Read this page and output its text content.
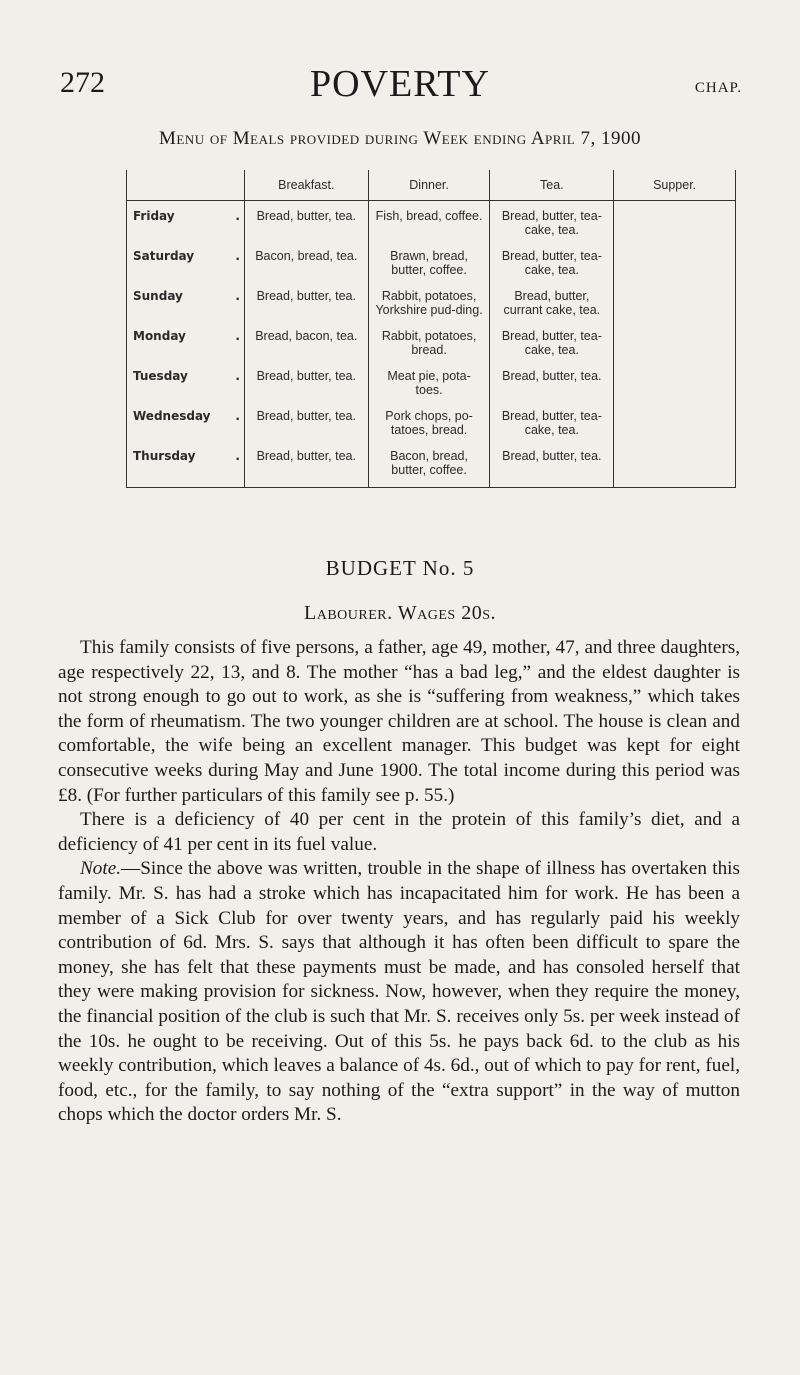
272	POVERTY	CHAP.
Menu of Meals provided during Week ending April 7, 1900
	Breakfast.	Dinner.	Tea.	Supper.
Friday .	Bread, butter, tea.	Fish, bread, coffee.	Bread, butter, tea-cake, tea.	
Saturday .	Bacon, bread, tea.	Brawn, bread, butter, coffee.	Bread, butter, tea-cake, tea.	
Sunday .	Bread, butter, tea.	Rabbit, potatoes, Yorkshire pud-ding.	Bread, butter, currant cake, tea.	
Monday .	Bread, bacon, tea.	Rabbit, potatoes, bread.	Bread, butter, tea-cake, tea.	
Tuesday .	Bread, butter, tea.	Meat pie, pota-toes.	Bread, butter, tea.	
Wednesday .	Bread, butter, tea.	Pork chops, po-tatoes, bread.	Bread, butter, tea-cake, tea.	
Thursday .	Bread, butter, tea.	Bacon, bread, butter, coffee.	Bread, butter, tea.	
BUDGET No. 5
Labourer. Wages 20s.

This family consists of five persons, a father, age 49, mother, 47, and three daughters, age respectively 22, 13, and 8. The mother “has a bad leg,” and the eldest daughter is not strong enough to go out to work, as she is “suffering from weakness,” which takes the form of rheumatism. The two younger children are at school. The house is clean and comfortable, the wife being an excellent manager. This budget was kept for eight consecutive weeks during May and June 1900. The total income during this period was £8. (For further particulars of this family see p. 55.)

There is a deficiency of 40 per cent in the protein of this family’s diet, and a deficiency of 41 per cent in its fuel value.

Note.—Since the above was written, trouble in the shape of illness has overtaken this family. Mr. S. has had a stroke which has incapacitated him for work. He has been a member of a Sick Club for over twenty years, and has regularly paid his weekly contribution of 6d. Mrs. S. says that although it has often been difficult to spare the money, she has felt that these payments must be made, and has consoled herself that they were making provision for sickness. Now, however, when they require the money, the financial position of the club is such that Mr. S. receives only 5s. per week instead of the 10s. he ought to be receiving. Out of this 5s. he pays back 6d. to the club as his weekly contribution, which leaves a balance of 4s. 6d., out of which to pay for rent, fuel, food, etc., for the family, to say nothing of the “extra support” in the way of mutton chops which the doctor orders Mr. S.
